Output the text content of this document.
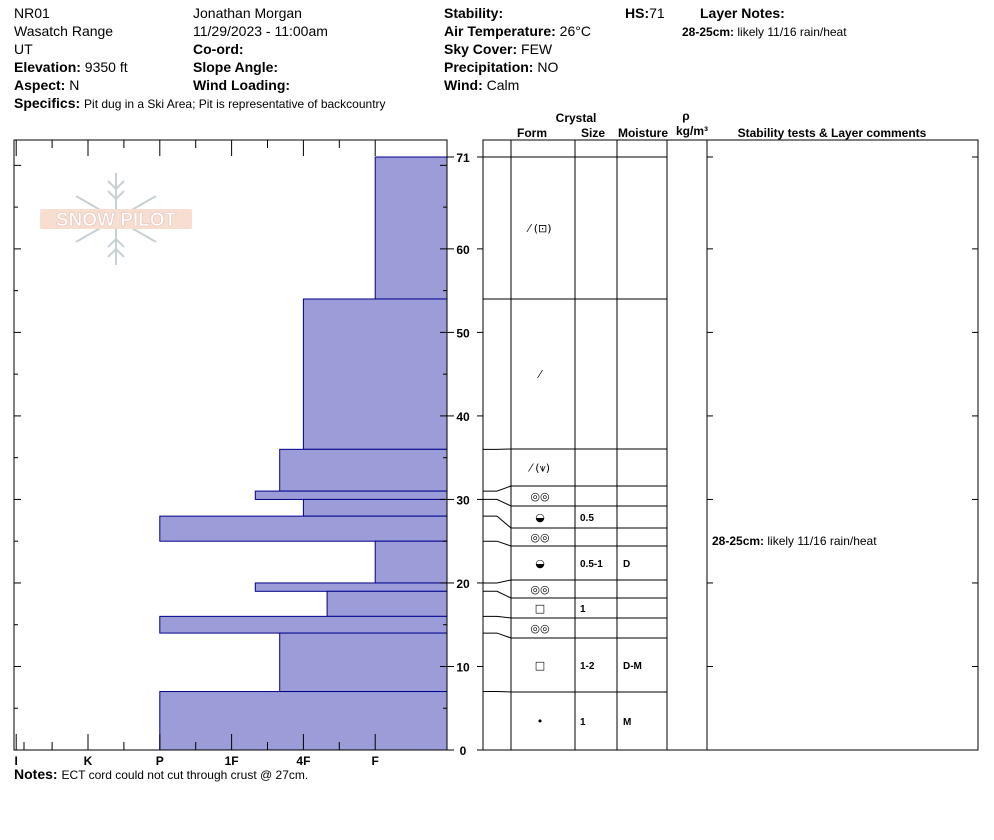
NR01
Wasatch Range
UT
Elevation: 9350 ft
Aspect: N
Specifics: Pit dug in a Ski Area; Pit is representative of backcountry
Jonathan Morgan
11/29/2023 - 11:00am
Co-ord:
Slope Angle:
Wind Loading:
Stability:
Air Temperature: 26°C
Sky Cover: FEW
Precipitation: NO
Wind: Calm
HS:71	Layer Notes:
28-25cm: likely 11/16 rain/heat
SNOW PILOT
I	K	P	1F	4F	F
0
10
20
30
40
50
60
71
⁄ (⊡)
⁄
⁄ (⩛)
◎◎
◒	0.5
◎◎
◒	0.5-1 D
◎◎
□	1
◎◎
□	1-2	D-M
•	1	M
28-25cm: likely 11/16 rain/heat
Crystal
Form	Size Moisture
ρ
kg/m³ Stability tests & Layer comments
Notes: ECT cord could not cut through crust @ 27cm.
